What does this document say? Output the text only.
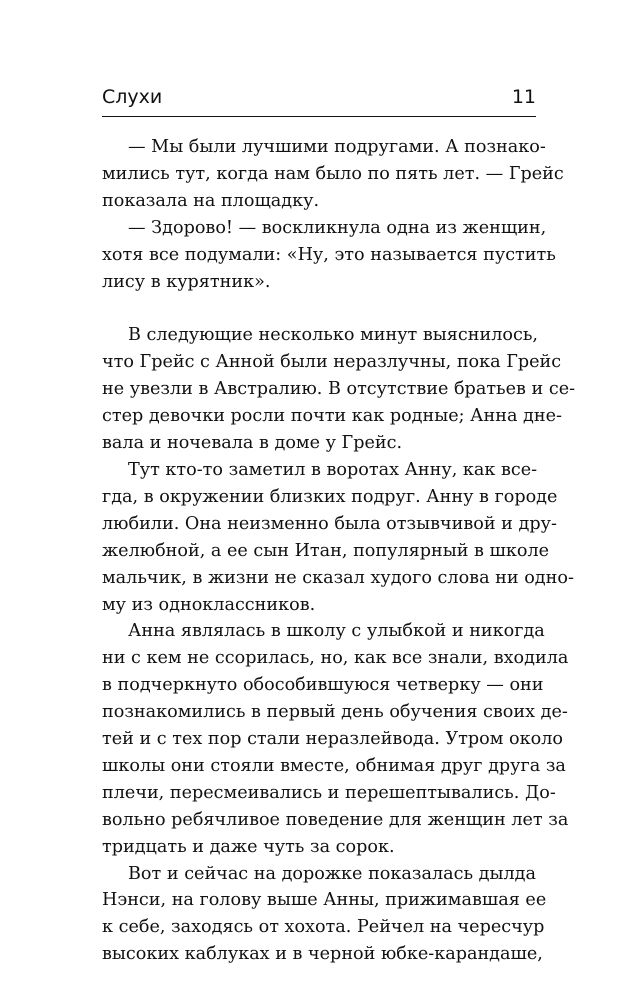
Слухи	11
— Мы были лучшими подругами. А познако-
мились тут, когда нам было по пять лет. — Грейс
показала на площадку.
— Здорово! — воскликнула одна из женщин,
хотя все подумали: «Ну, это называется пустить
лису в курятник».
В следующие несколько минут выяснилось,
что Грейс с Анной были неразлучны, пока Грейс
не увезли в Австралию. В отсутствие братьев и се-
стер девочки росли почти как родные; Анна дне-
вала и ночевала в доме у Грейс.
Тут кто-то заметил в воротах Анну, как все-
гда, в окружении близких подруг. Анну в городе
любили. Она неизменно была отзывчивой и дру-
желюбной, а ее сын Итан, популярный в школе
мальчик, в жизни не сказал худого слова ни одно-
му из одноклассников.
Анна являлась в школу с улыбкой и никогда
ни с кем не ссорилась, но, как все знали, входила
в подчеркнуто обособившуюся четверку — они
познакомились в первый день обучения своих де-
тей и с тех пор стали неразлейвода. Утром около
школы они стояли вместе, обнимая друг друга за
плечи, пересмеивались и перешептывались. До-
вольно ребячливое поведение для женщин лет за
тридцать и даже чуть за сорок.
Вот и сейчас на дорожке показалась дылда
Нэнси, на голову выше Анны, прижимавшая ее
к себе, заходясь от хохота. Рейчел на чересчур
высоких каблуках и в черной юбке-карандаше,
